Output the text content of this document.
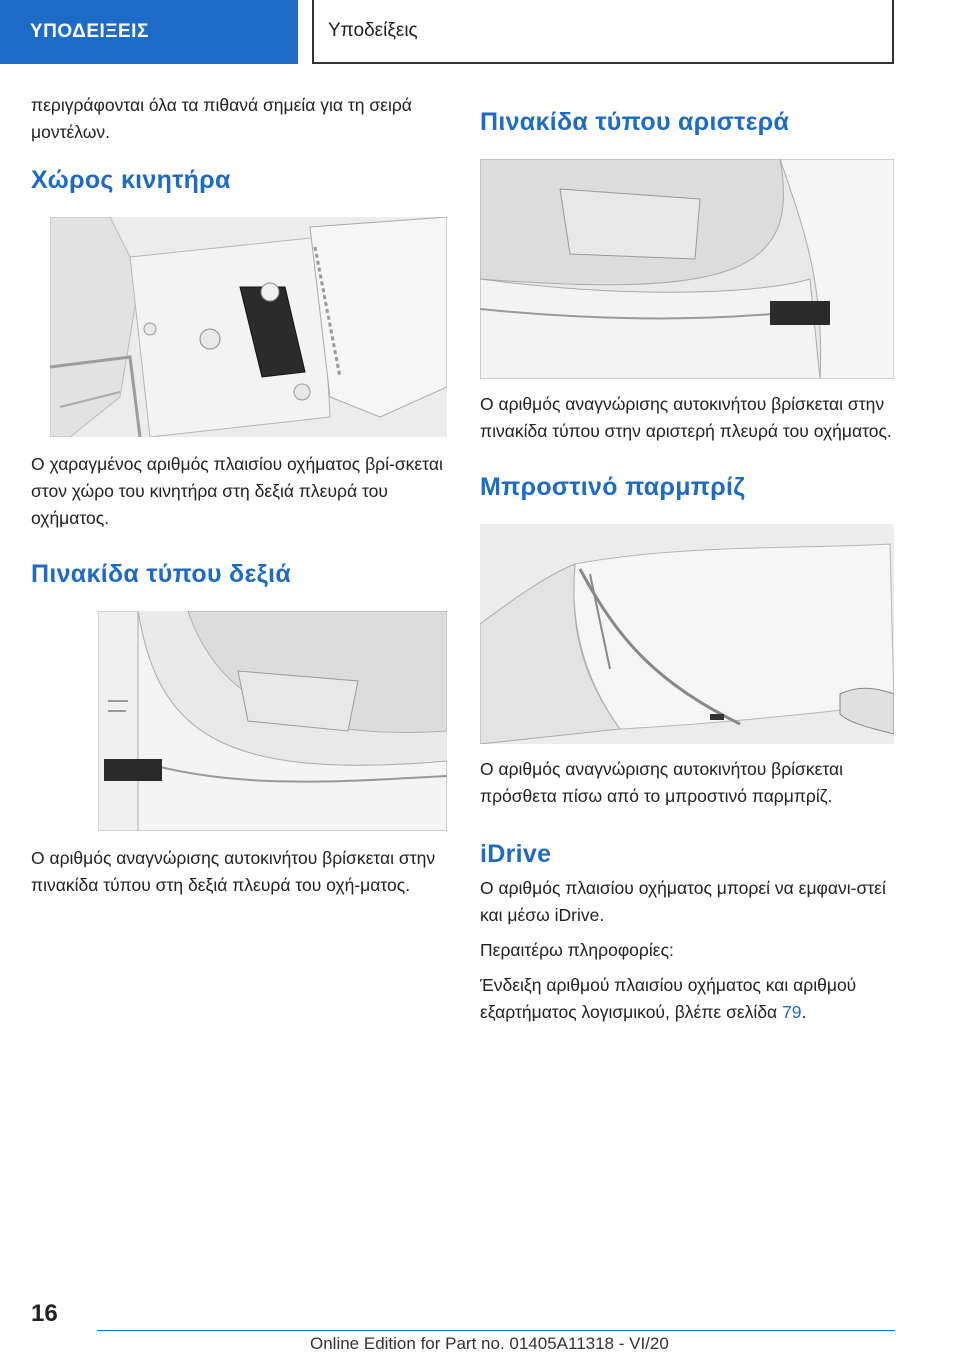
ΥΠΟΔΕΙΞΕΙΣ	Υποδείξεις

περιγράφονται όλα τα πιθανά σημεία για τη σειρά μοντέλων.

Χώρος κινητήρα

Ο χαραγμένος αριθμός πλαισίου οχήματος βρί‐σκεται στον χώρο του κινητήρα στη δεξιά πλευρά του οχήματος.

Πινακίδα τύπου δεξιά

Ο αριθμός αναγνώρισης αυτοκινήτου βρίσκεται στην πινακίδα τύπου στη δεξιά πλευρά του οχή‐ματος.

Πινακίδα τύπου αριστερά

Ο αριθμός αναγνώρισης αυτοκινήτου βρίσκεται στην πινακίδα τύπου στην αριστερή πλευρά του οχήματος.

Μπροστινό παρμπρίζ

Ο αριθμός αναγνώρισης αυτοκινήτου βρίσκεται πρόσθετα πίσω από το μπροστινό παρμπρίζ.

iDrive

Ο αριθμός πλαισίου οχήματος μπορεί να εμφανι‐στεί και μέσω iDrive.

Περαιτέρω πληροφορίες:

Ένδειξη αριθμού πλαισίου οχήματος και αριθμού εξαρτήματος λογισμικού, βλέπε σελίδα 79.

16
Online Edition for Part no. 01405A11318 - VI/20
